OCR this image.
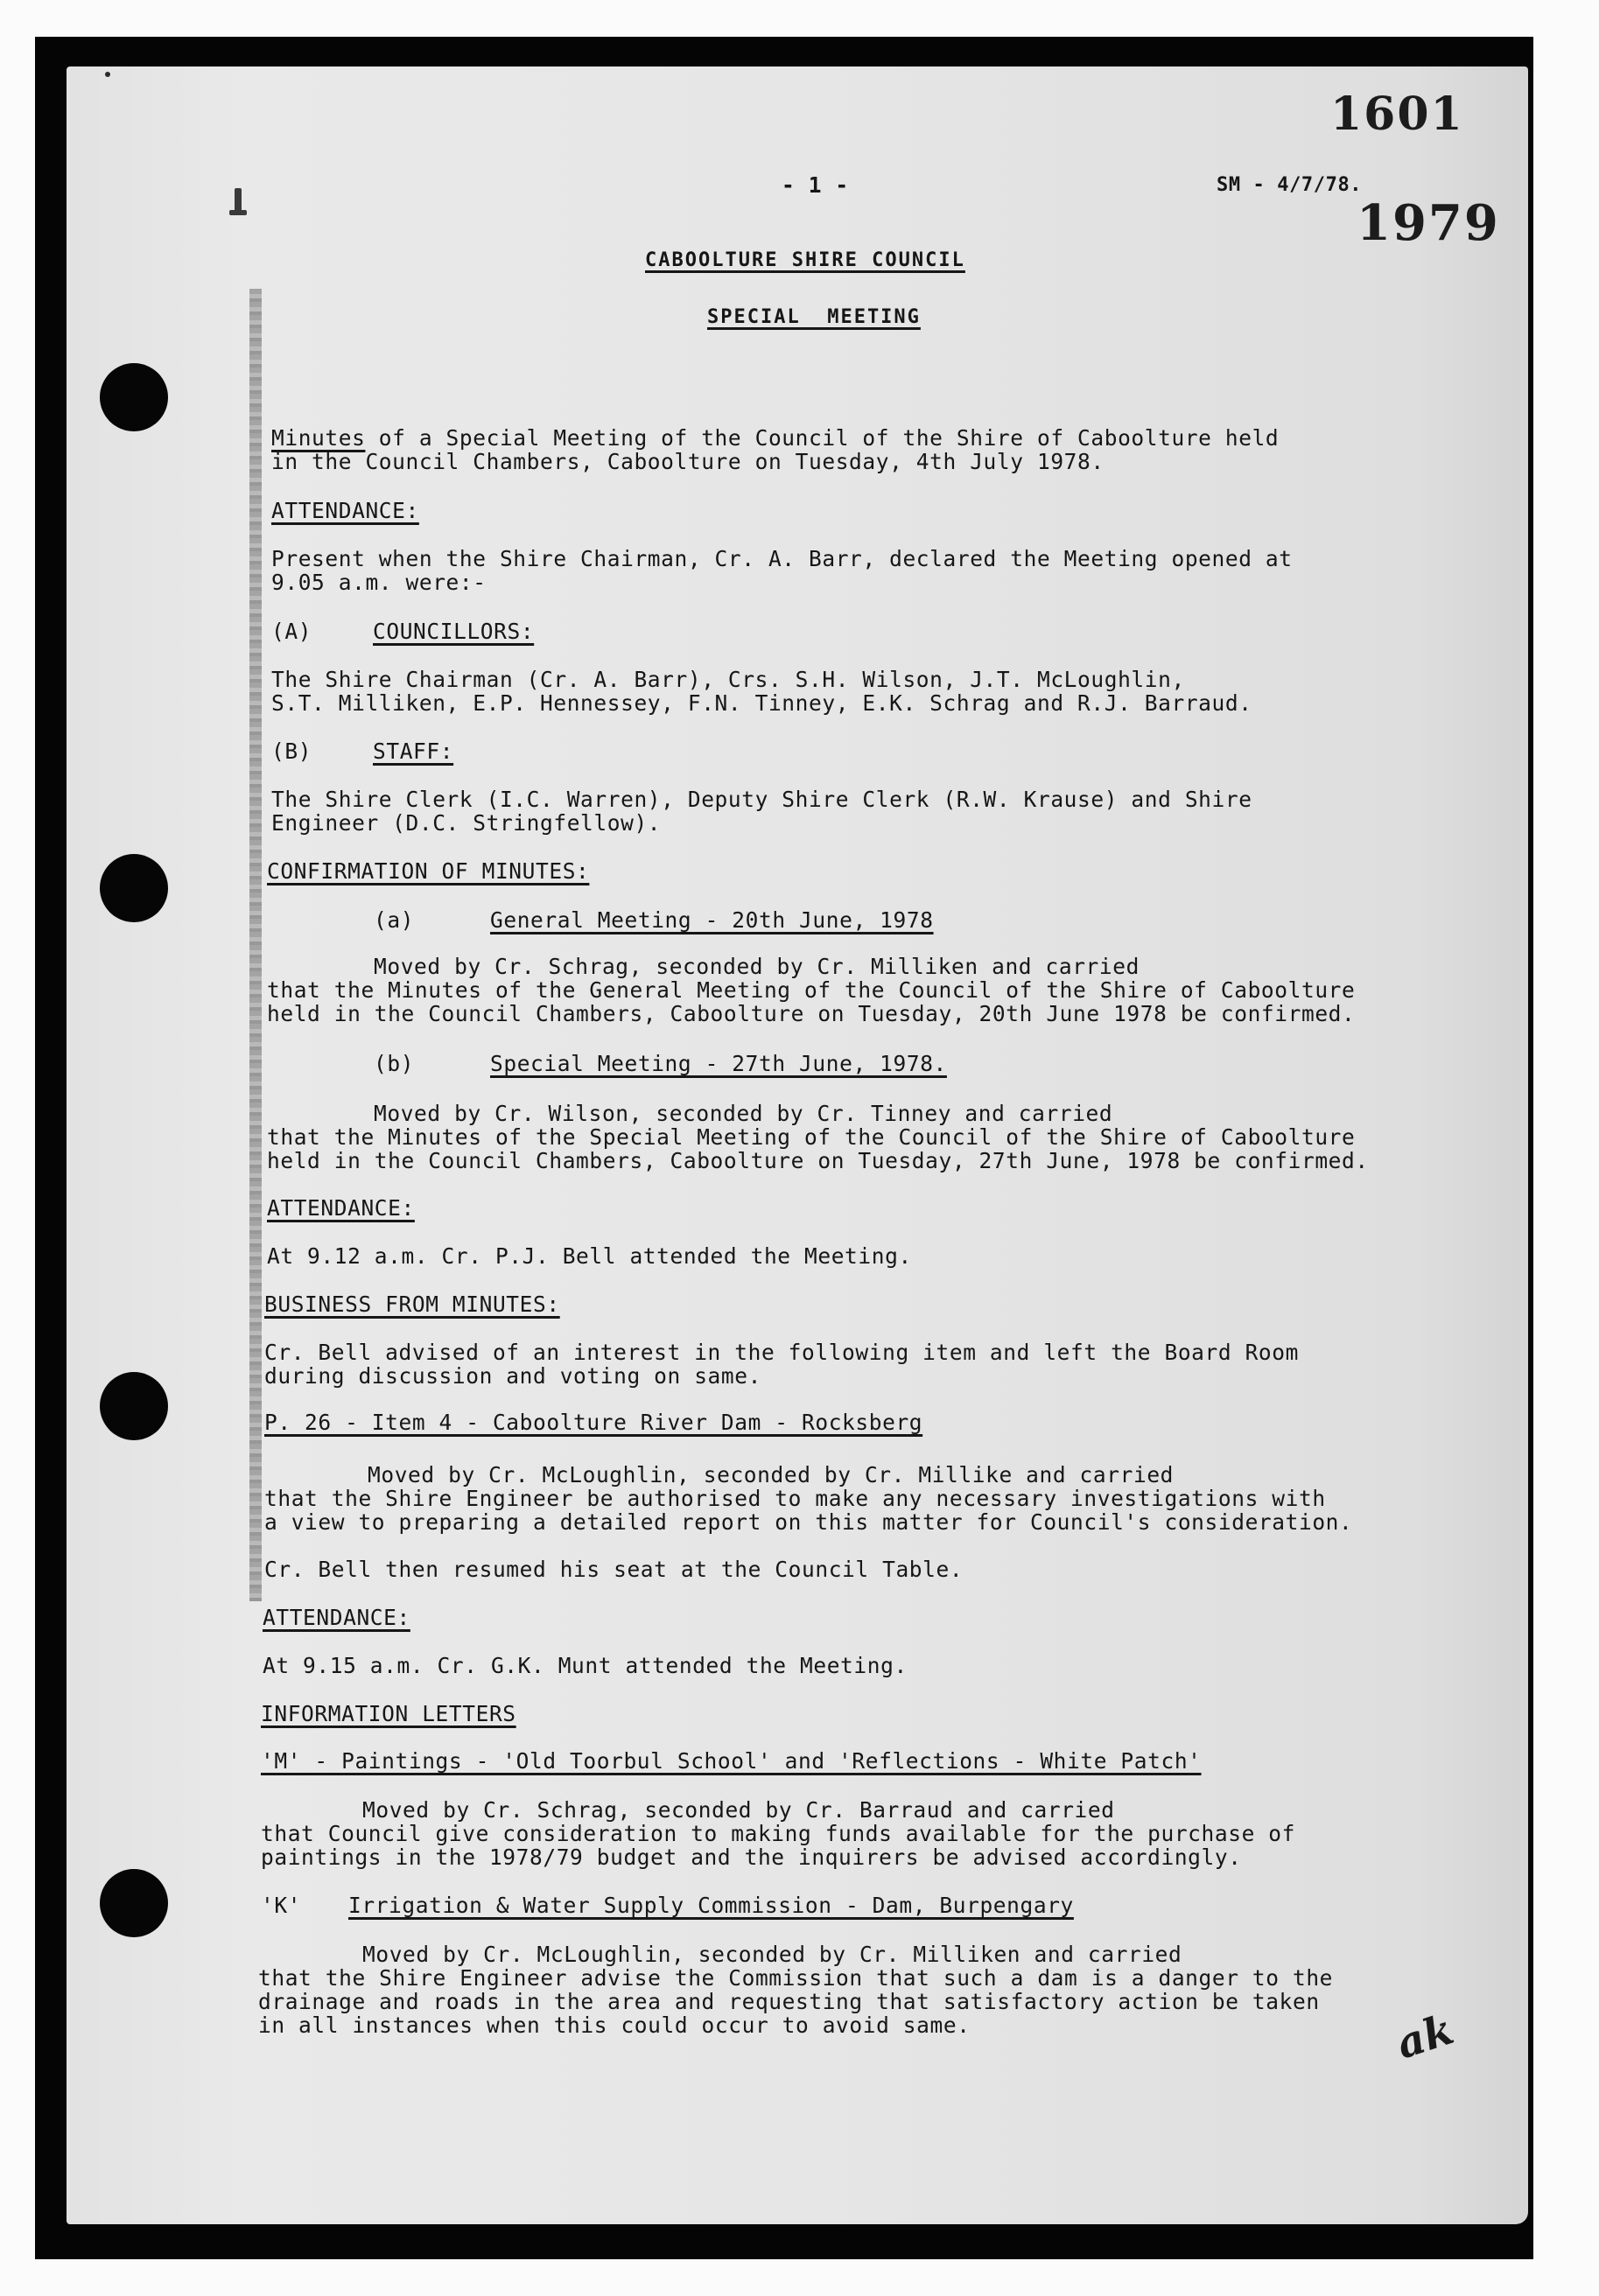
1601
1979
- 1 -	SM - 4/7/78.
CABOOLTURE SHIRE COUNCIL
SPECIAL  MEETING
Minutes of a Special Meeting of the Council of the Shire of Caboolture held
in the Council Chambers, Caboolture on Tuesday, 4th July 1978.
ATTENDANCE:
Present when the Shire Chairman, Cr. A. Barr, declared the Meeting opened at
9.05 a.m. were:-
(A)	COUNCILLORS:
The Shire Chairman (Cr. A. Barr), Crs. S.H. Wilson, J.T. McLoughlin,
S.T. Milliken, E.P. Hennessey, F.N. Tinney, E.K. Schrag and R.J. Barraud.
(B)	STAFF:
The Shire Clerk (I.C. Warren), Deputy Shire Clerk (R.W. Krause) and Shire
Engineer (D.C. Stringfellow).
CONFIRMATION OF MINUTES:
(a)	General Meeting - 20th June, 1978
Moved by Cr. Schrag, seconded by Cr. Milliken and carried
that the Minutes of the General Meeting of the Council of the Shire of Caboolture
held in the Council Chambers, Caboolture on Tuesday, 20th June 1978 be confirmed.
(b)	Special Meeting - 27th June, 1978.
Moved by Cr. Wilson, seconded by Cr. Tinney and carried
that the Minutes of the Special Meeting of the Council of the Shire of Caboolture
held in the Council Chambers, Caboolture on Tuesday, 27th June, 1978 be confirmed.
ATTENDANCE:
At 9.12 a.m. Cr. P.J. Bell attended the Meeting.
BUSINESS FROM MINUTES:
Cr. Bell advised of an interest in the following item and left the Board Room
during discussion and voting on same.
P. 26 - Item 4 - Caboolture River Dam - Rocksberg
Moved by Cr. McLoughlin, seconded by Cr. Millike and carried
that the Shire Engineer be authorised to make any necessary investigations with
a view to preparing a detailed report on this matter for Council's consideration.
Cr. Bell then resumed his seat at the Council Table.
ATTENDANCE:
At 9.15 a.m. Cr. G.K. Munt attended the Meeting.
INFORMATION LETTERS
'M' - Paintings - 'Old Toorbul School' and 'Reflections - White Patch'
Moved by Cr. Schrag, seconded by Cr. Barraud and carried
that Council give consideration to making funds available for the purchase of
paintings in the 1978/79 budget and the inquirers be advised accordingly.
'K' Irrigation & Water Supply Commission - Dam, Burpengary
Moved by Cr. McLoughlin, seconded by Cr. Milliken and carried
that the Shire Engineer advise the Commission that such a dam is a danger to the
drainage and roads in the area and requesting that satisfactory action be taken
in all instances when this could occur to avoid same.	ak
